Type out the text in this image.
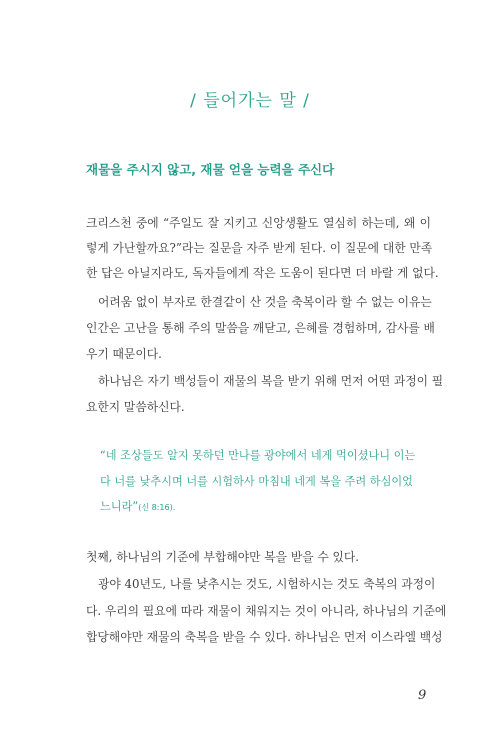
/ 들어가는 말 /
재물을 주시지 않고, 재물 얻을 능력을 주신다
크리스천 중에 “주일도 잘 지키고 신앙생활도 열심히 하는데, 왜 이
렇게 가난할까요?”라는 질문을 자주 받게 된다. 이 질문에 대한 만족
한 답은 아닐지라도, 독자들에게 작은 도움이 된다면 더 바랄 게 없다.
어려움 없이 부자로 한결같이 산 것을 축복이라 할 수 없는 이유는
인간은 고난을 통해 주의 말씀을 깨닫고, 은혜를 경험하며, 감사를 배
우기 때문이다.
하나님은 자기 백성들이 재물의 복을 받기 위해 먼저 어떤 과정이 필
요한지 말씀하신다.
“네 조상들도 알지 못하던 만나를 광야에서 네게 먹이셨나니 이는
다 너를 낮추시며 너를 시험하사 마침내 네게 복을 주려 하심이었
느니라”(신 8:16).
첫째, 하나님의 기준에 부합해야만 복을 받을 수 있다.
광야 40년도, 나를 낮추시는 것도, 시험하시는 것도 축복의 과정이
다. 우리의 필요에 따라 재물이 채워지는 것이 아니라, 하나님의 기준에
합당해야만 재물의 축복을 받을 수 있다. 하나님은 먼저 이스라엘 백성
9
